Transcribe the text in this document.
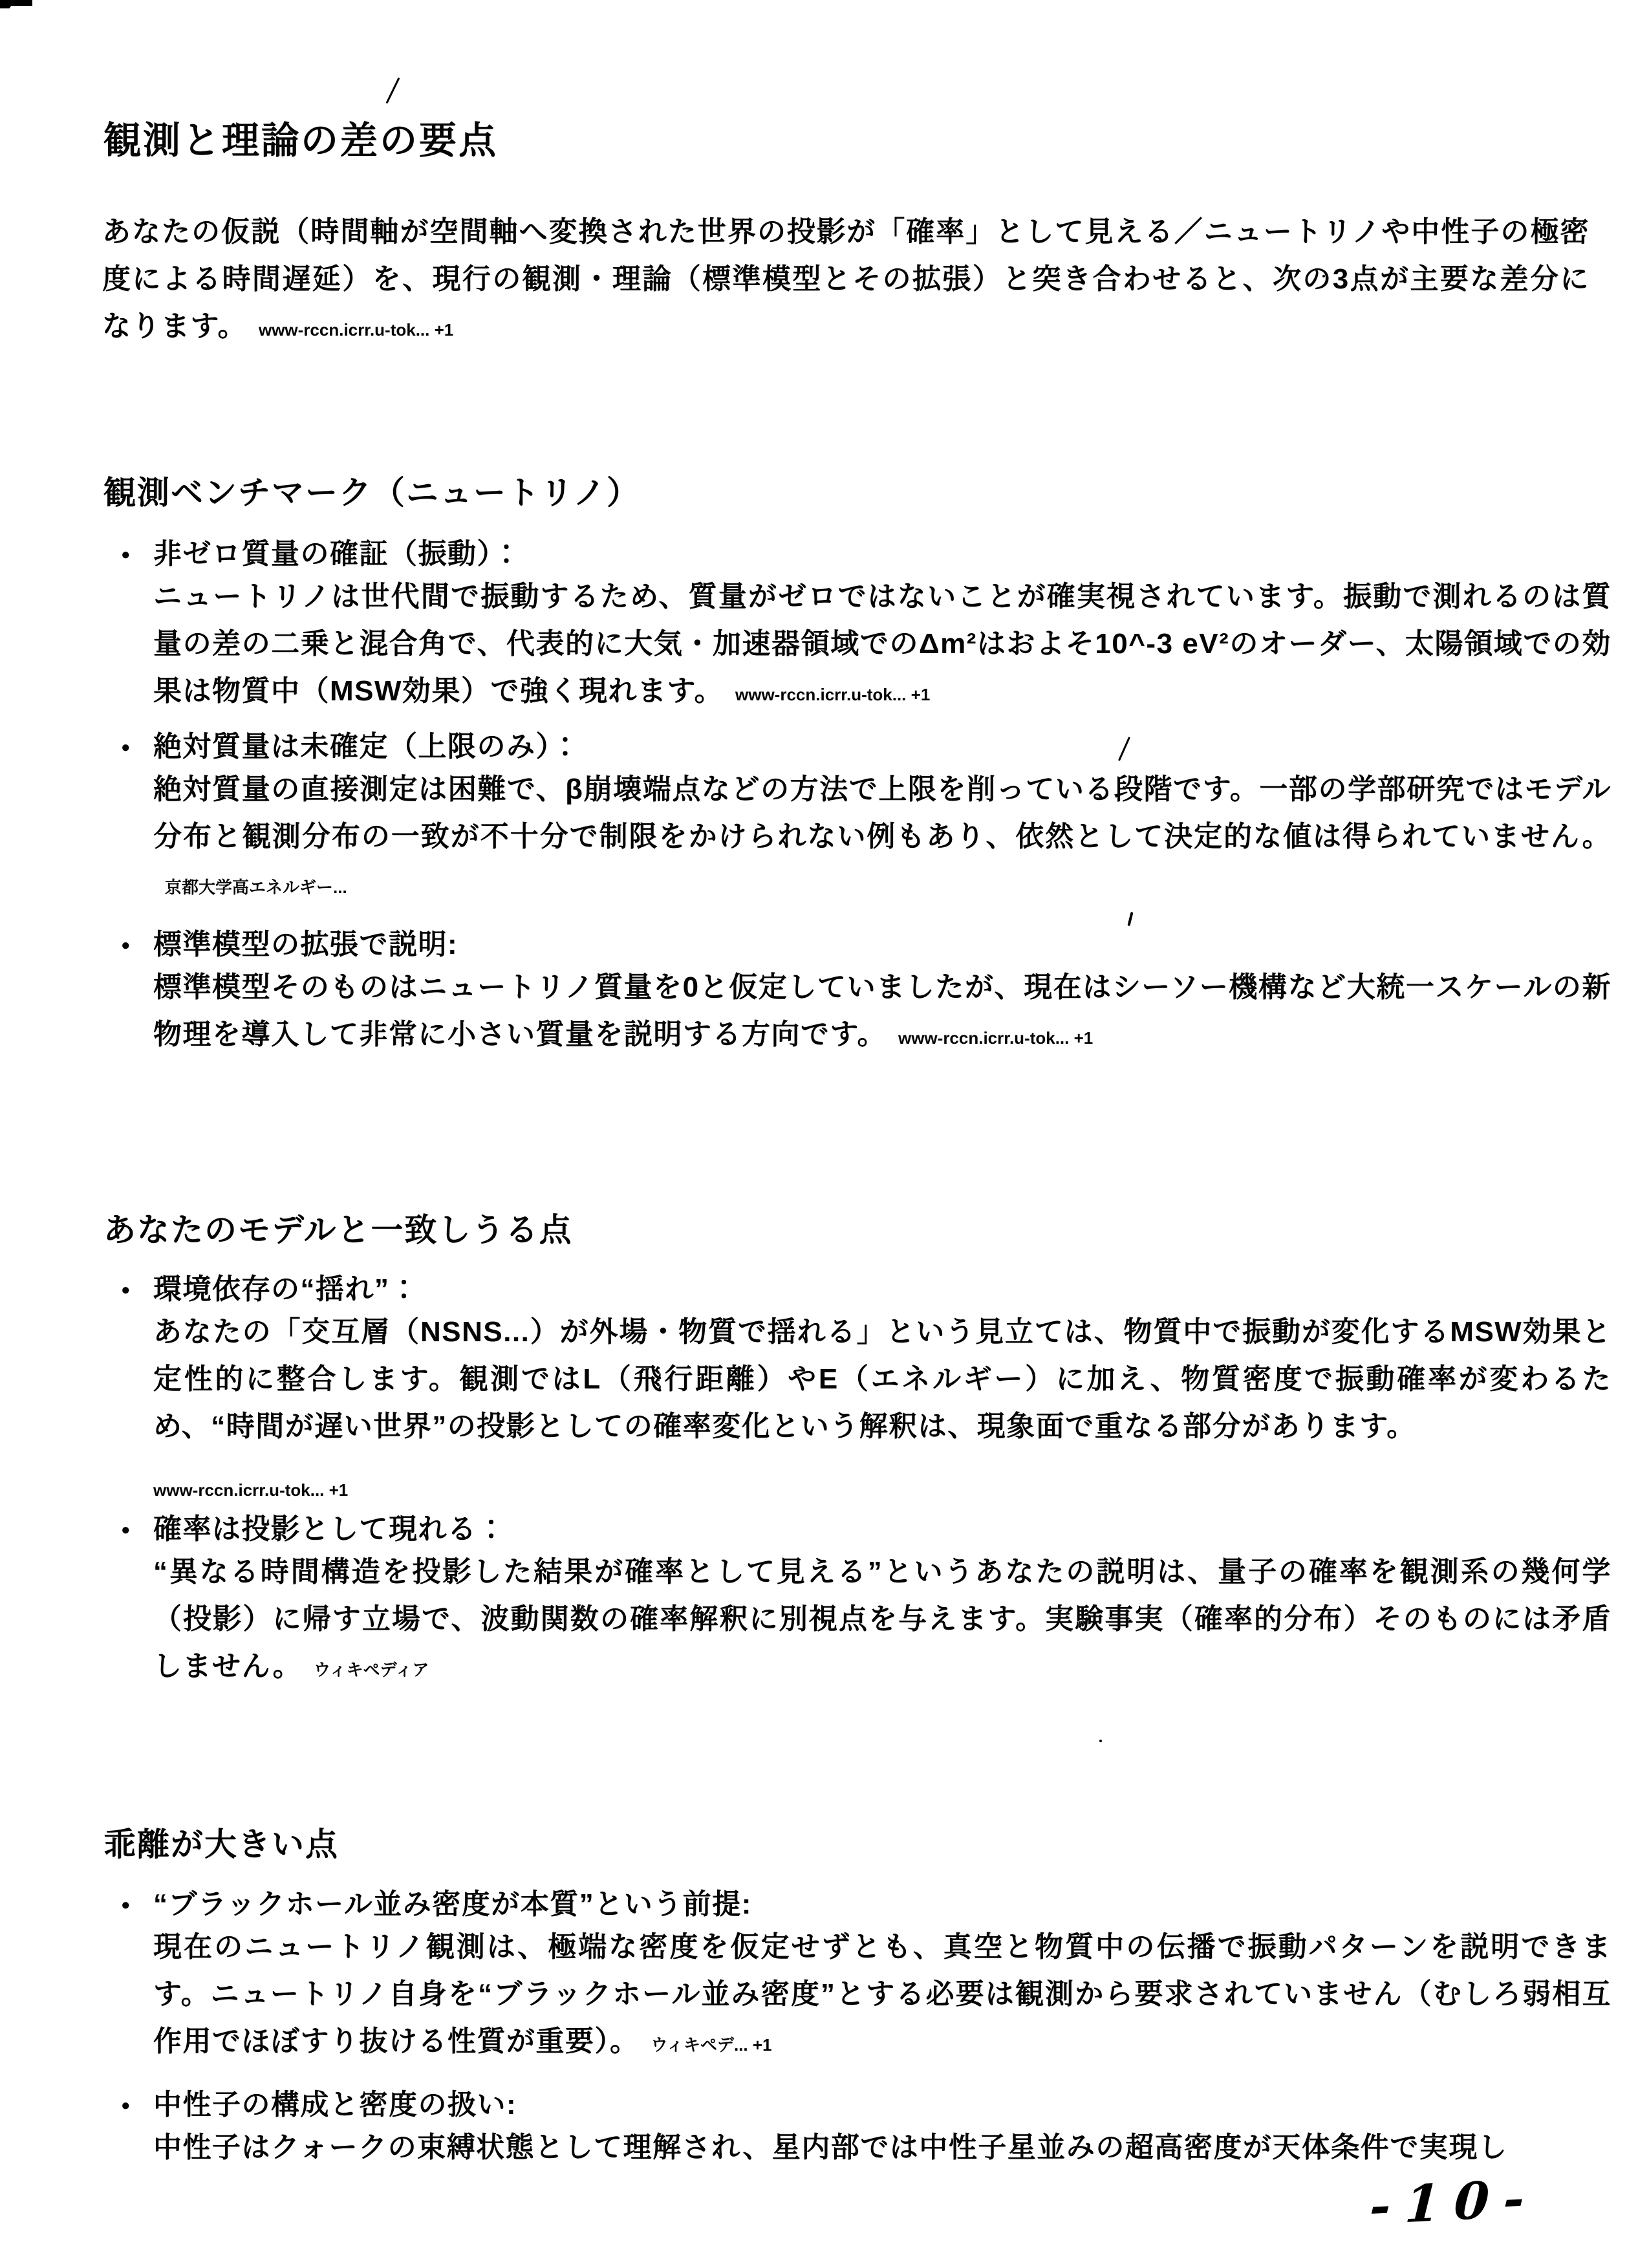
観測と理論の差の要点

あなたの仮説（時間軸が空間軸へ変換された世界の投影が「確率」として見える／ニュートリノや中性子の極密度による時間遅延）を、現行の観測・理論（標準模型とその拡張）と突き合わせると、次の3点が主要な差分になります。 www-rccn.icrr.u-tok... +1

観測ベンチマーク（ニュートリノ）
● 非ゼロ質量の確証（振動）：
ニュートリノは世代間で振動するため、質量がゼロではないことが確実視されています。振動で測れるのは質量の差の二乗と混合角で、代表的に大気・加速器領域でのΔm²はおよそ10^-3 eV²のオーダー、太陽領域での効果は物質中（MSW効果）で強く現れます。 www-rccn.icrr.u-tok... +1
● 絶対質量は未確定（上限のみ）：
絶対質量の直接測定は困難で、β崩壊端点などの方法で上限を削っている段階です。一部の学部研究ではモデル分布と観測分布の一致が不十分で制限をかけられない例もあり、依然として決定的な値は得られていません。京都大学高エネルギー...
● 標準模型の拡張で説明:
標準模型そのものはニュートリノ質量を0と仮定していましたが、現在はシーソー機構など大統一スケールの新物理を導入して非常に小さい質量を説明する方向です。 www-rccn.icrr.u-tok... +1
あなたのモデルと一致しうる点
● 環境依存の“揺れ”：
あなたの「交互層（NSNS...）が外場・物質で揺れる」という見立ては、物質中で振動が変化するMSW効果と定性的に整合します。観測ではL（飛行距離）やE（エネルギー）に加え、物質密度で振動確率が変わるため、“時間が遅い世界”の投影としての確率変化という解釈は、現象面で重なる部分があります。
www-rccn.icrr.u-tok... +1
● 確率は投影として現れる：
“異なる時間構造を投影した結果が確率として見える”というあなたの説明は、量子の確率を観測系の幾何学（投影）に帰す立場で、波動関数の確率解釈に別視点を与えます。実験事実（確率的分布）そのものには矛盾しません。 ウィキペディア
乖離が大きい点
● “ブラックホール並み密度が本質”という前提:
現在のニュートリノ観測は、極端な密度を仮定せずとも、真空と物質中の伝播で振動パターンを説明できます。ニュートリノ自身を“ブラックホール並み密度”とする必要は観測から要求されていません（むしろ弱相互作用でほぼすり抜ける性質が重要）。 ウィキペデ... +1
● 中性子の構成と密度の扱い:
中性子はクォークの束縛状態として理解され、星内部では中性子星並みの超高密度が天体条件で実現し
-10-
